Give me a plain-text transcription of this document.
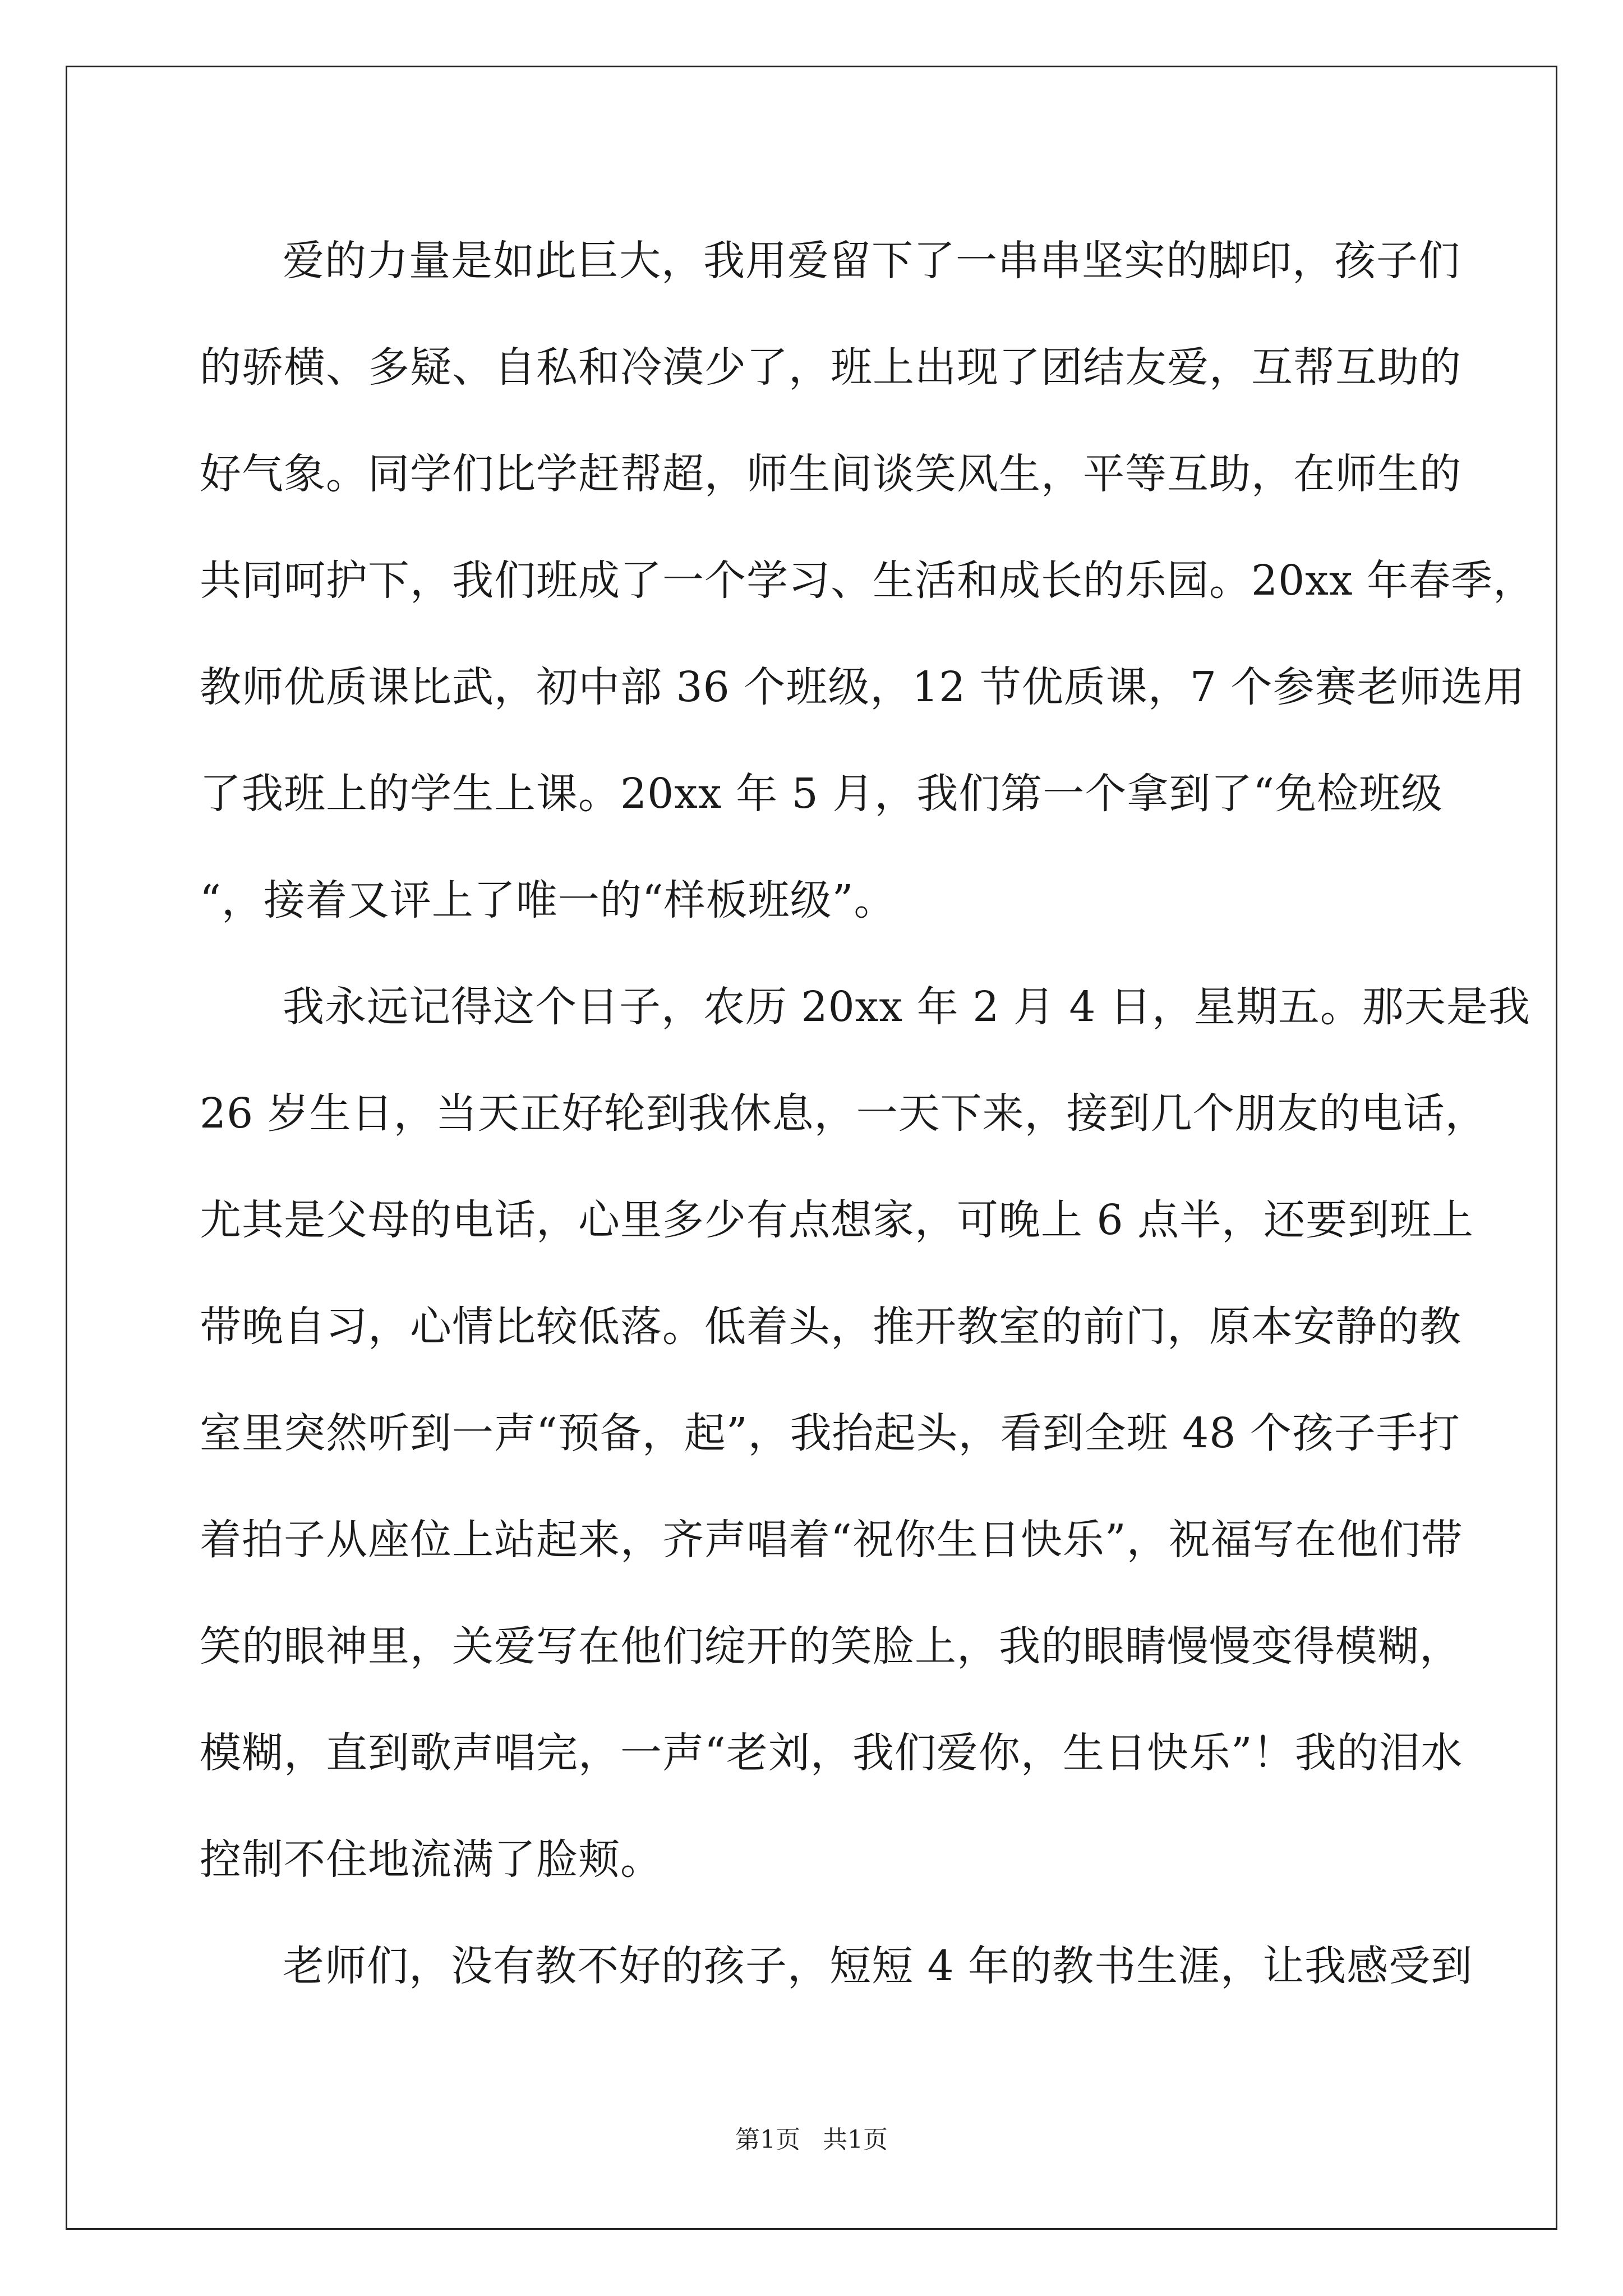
爱的力量是如此巨大，我用爱留下了一串串坚实的脚印，孩子们
的骄横、多疑、自私和冷漠少了，班上出现了团结友爱，互帮互助的
好气象。同学们比学赶帮超，师生间谈笑风生，平等互助，在师生的
共同呵护下，我们班成了一个学习、生活和成长的乐园。20xx 年春季，
教师优质课比武，初中部 36 个班级，12 节优质课，7 个参赛老师选用
了我班上的学生上课。20xx 年 5 月，我们第一个拿到了“免检班级
“，接着又评上了唯一的“样板班级”。
我永远记得这个日子，农历 20xx 年 2 月 4 日，星期五。那天是我
26 岁生日，当天正好轮到我休息，一天下来，接到几个朋友的电话，
尤其是父母的电话，心里多少有点想家，可晚上 6 点半，还要到班上
带晚自习，心情比较低落。低着头，推开教室的前门，原本安静的教
室里突然听到一声“预备，起”，我抬起头，看到全班 48 个孩子手打
着拍子从座位上站起来，齐声唱着“祝你生日快乐”，祝福写在他们带
笑的眼神里，关爱写在他们绽开的笑脸上，我的眼睛慢慢变得模糊，
模糊，直到歌声唱完，一声“老刘，我们爱你，生日快乐”！我的泪水
控制不住地流满了脸颊。
老师们，没有教不好的孩子，短短 4 年的教书生涯，让我感受到
第1页 共1页
